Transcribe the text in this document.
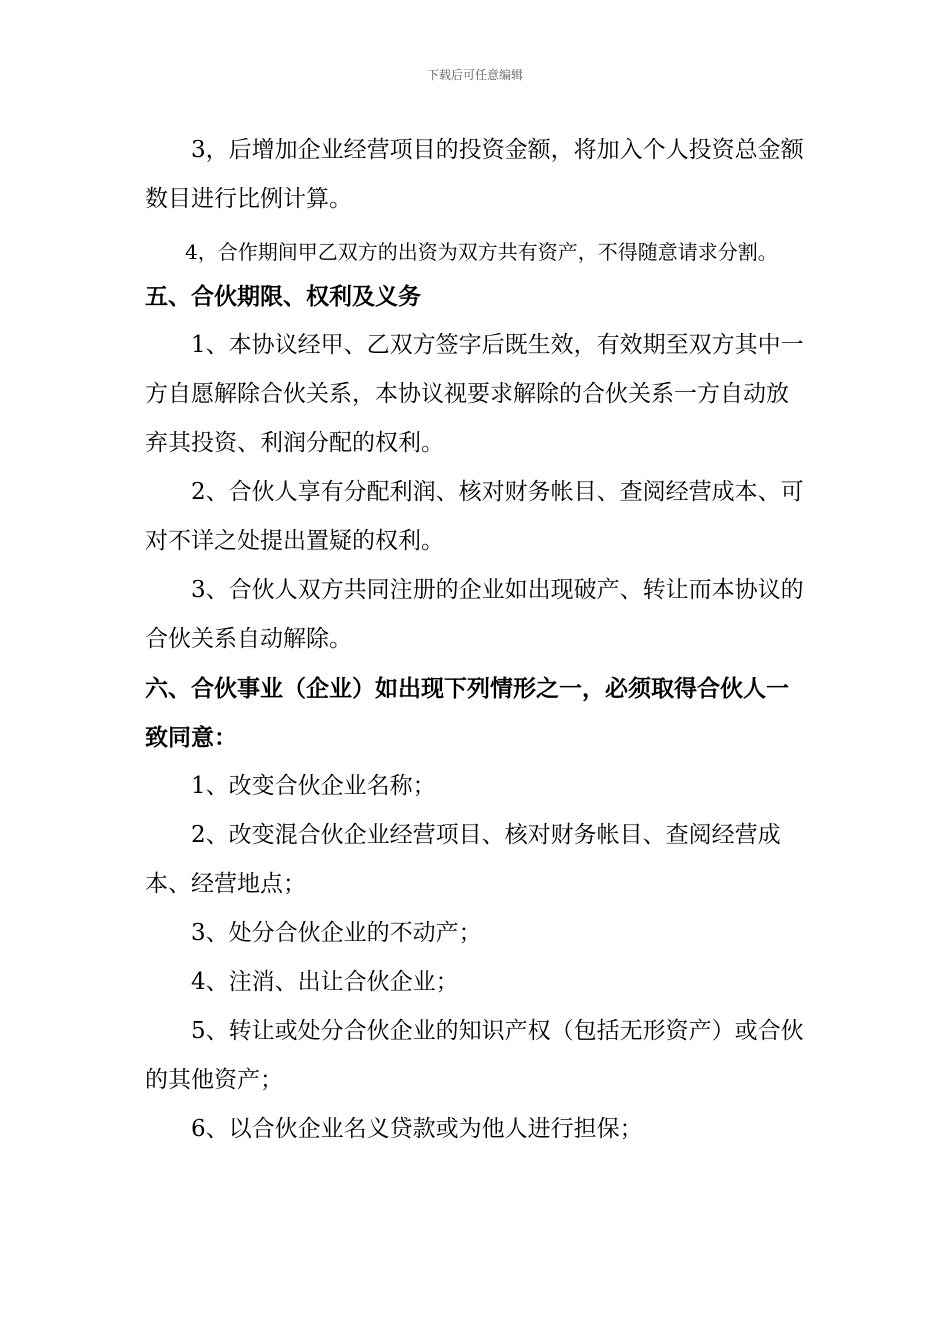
下载后可任意编辑

3，后增加企业经营项目的投资金额，将加入个人投资总金额数目进行比例计算。

4，合作期间甲乙双方的出资为双方共有资产，不得随意请求分割。

五、合伙期限、权利及义务

1、本协议经甲、乙双方签字后既生效，有效期至双方其中一方自愿解除合伙关系，本协议视要求解除的合伙关系一方自动放弃其投资、利润分配的权利。

2、合伙人享有分配利润、核对财务帐目、查阅经营成本、可对不详之处提出置疑的权利。

3、合伙人双方共同注册的企业如出现破产、转让而本协议的合伙关系自动解除。

六、合伙事业（企业）如出现下列情形之一，必须取得合伙人一致同意：

1、改变合伙企业名称；

2、改变混合伙企业经营项目、核对财务帐目、查阅经营成本、经营地点；

3、处分合伙企业的不动产；

4、注消、出让合伙企业；

5、转让或处分合伙企业的知识产权（包括无形资产）或合伙的其他资产；

6、以合伙企业名义贷款或为他人进行担保；
